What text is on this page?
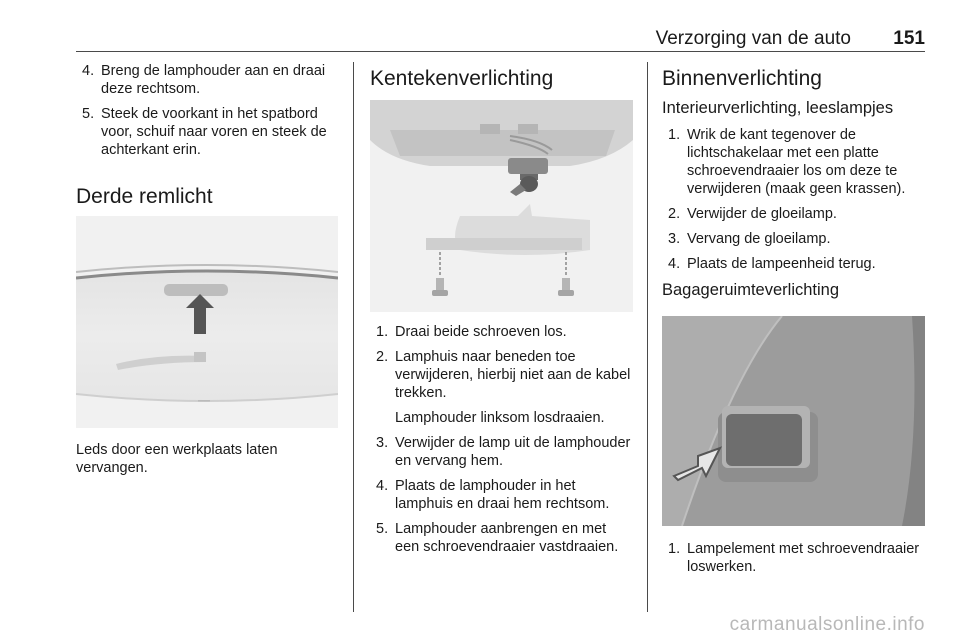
Verzorging van de auto 151
4. Breng de lamphouder aan en draai deze rechtsom.
5. Steek de voorkant in het spatbord voor, schuif naar voren en steek de achterkant erin.
Derde remlicht

Leds door een werkplaats laten vervangen.

Kentekenverlichting
1. Draai beide schroeven los.
2. Lamphuis naar beneden toe verwijderen, hierbij niet aan de kabel trekken.

Lamphouder linksom losdraaien.

3. Verwijder de lamp uit de lamphouder en vervang hem.
4. Plaats de lamphouder in het lamphuis en draai hem rechtsom.
5. Lamphouder aanbrengen en met een schroevendraaier vastdraaien.
Binnenverlichting
Interieurverlichting, leeslampjes
1. Wrik de kant tegenover de lichtschakelaar met een platte schroevendraaier los om deze te verwijderen (maak geen krassen).
2. Verwijder de gloeilamp.
3. Vervang de gloeilamp.
4. Plaats de lampeenheid terug.
Bagageruimteverlichting
1. Lampelement met schroevendraaier loswerken.
carmanualsonline.info
